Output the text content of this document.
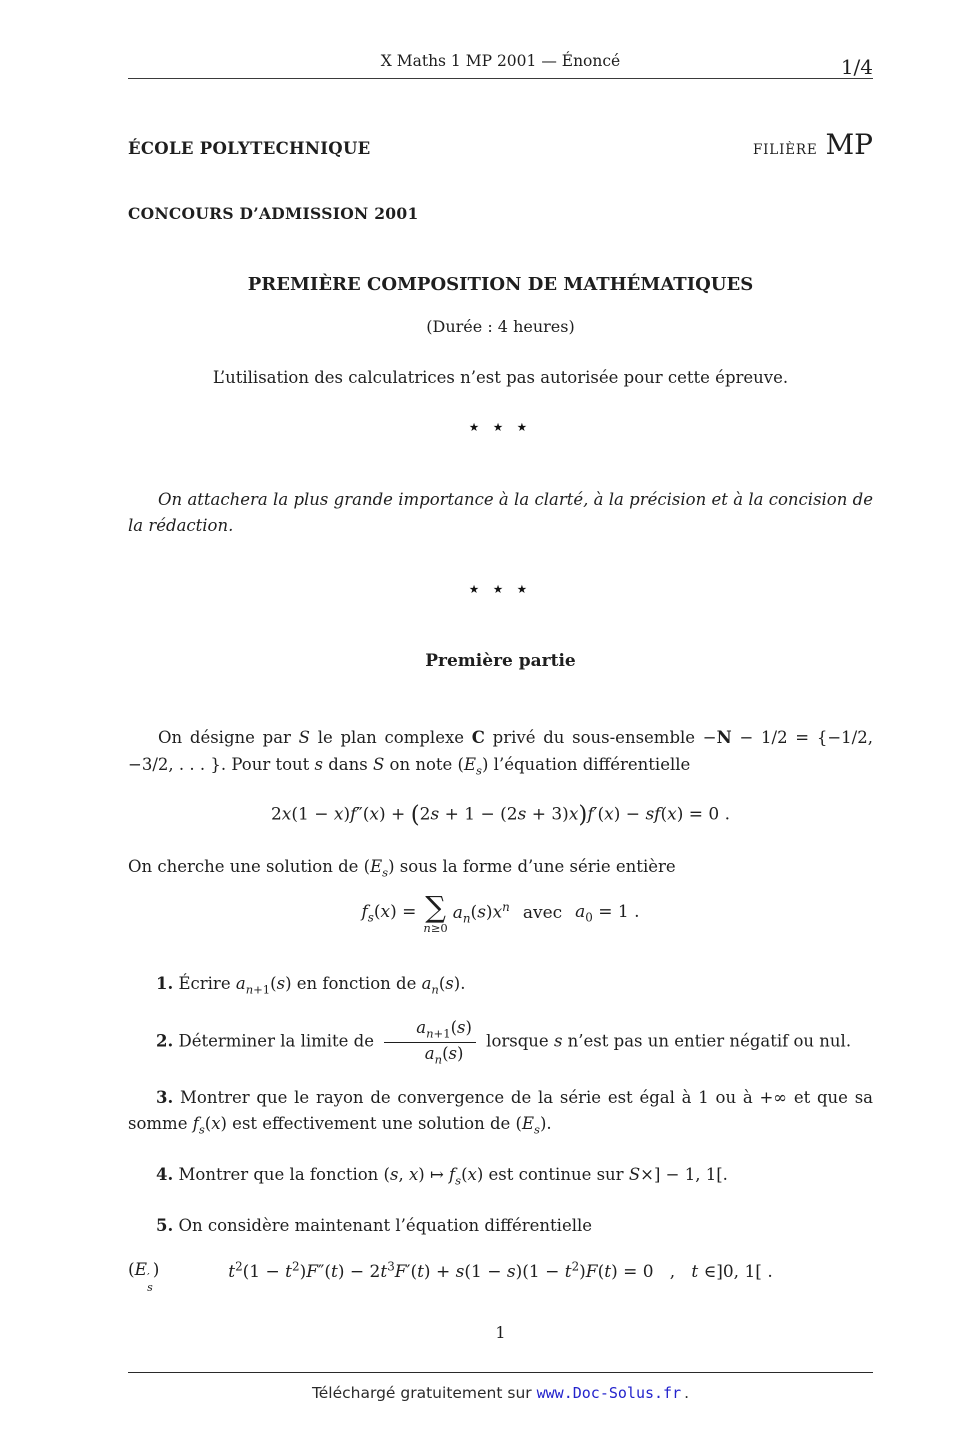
X Maths 1 MP 2001 — Énoncé	1/4
ÉCOLE POLYTECHNIQUE	FILIÈRE MP
CONCOURS D’ADMISSION 2001
PREMIÈRE COMPOSITION DE MATHÉMATIQUES
(Durée : 4 heures)
L’utilisation des calculatrices n’est pas autorisée pour cette épreuve.
★ ★ ★

On attachera la plus grande importance à la clarté, à la précision et à la concision de la rédaction.

★ ★ ★
Première partie

On désigne par S le plan complexe C privé du sous-ensemble −N − 1/2 = {−1/2, −3/2, . . . }. Pour tout s dans S on note $(E_s)$ l’équation différentielle

2x(1 − x)f″(x) + (2s + 1 − (2s + 3)x)f′(x) − sf(x) = 0 .

On cherche une solution de $(E_s)$ sous la forme d’une série entière

$f_s(x)$ = ∑
n≥0
$a_n(s)x^n$ avec $a_0 = 1$ .

1. Écrire $a_{n+1}(s)$ en fonction de $a_n(s)$.

2. Déterminer la limite de $\frac{a_{n+1}(s)}{a_n(s)}$ lorsque s n’est pas un entier négatif ou nul.

3. Montrer que le rayon de convergence de la série est égal à 1 ou à +∞ et que sa somme $f_s(x)$ est effectivement une solution de $(E_s)$.

4. Montrer que la fonction (s, x) ↦ $f_s(x)$ est continue sur S×] − 1, 1[.

5. On considère maintenant l’équation différentielle

(E ′
s
)	$t^2(1 - t^2)F''(t) - 2t^3F'(t) + s(1 - s)(1 - t^2)F(t) = 0$   ,   t ∈]0, 1[ .
1
Téléchargé gratuitement sur www.Doc-Solus.fr .
